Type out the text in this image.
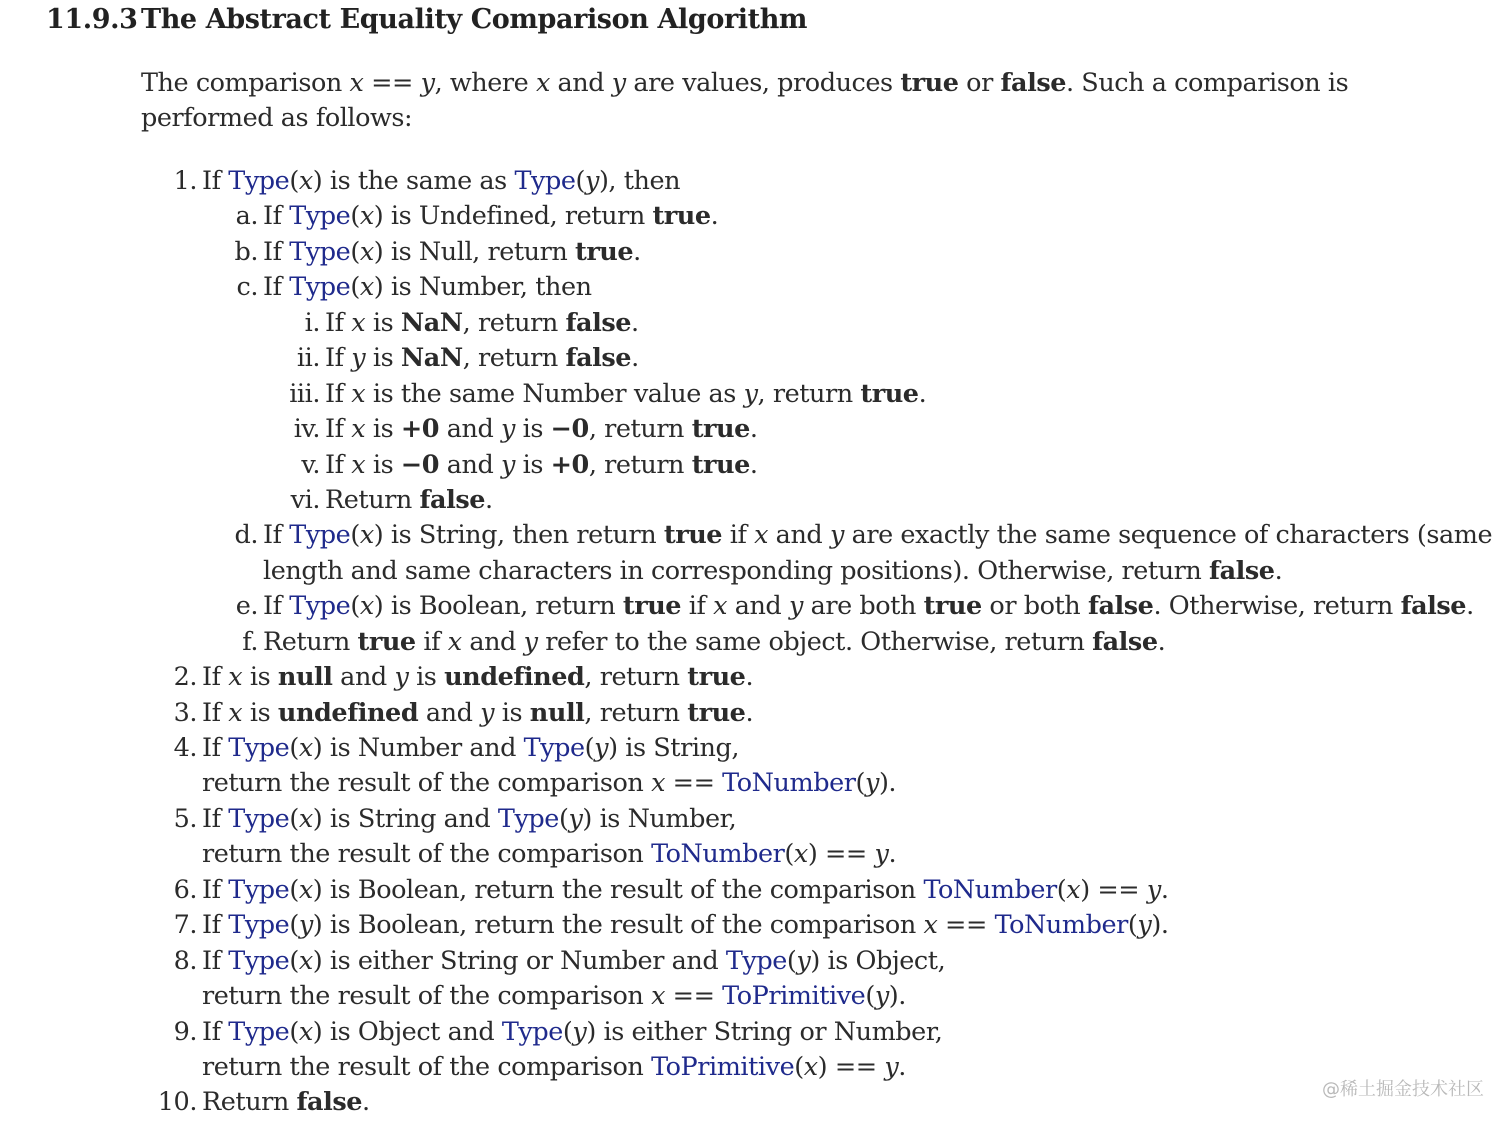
11.9.3 The Abstract Equality Comparison Algorithm
The comparison x == y, where x and y are values, produces true or false. Such a comparison is performed as follows:
1. If Type(x) is the same as Type(y), then
a. If Type(x) is Undefined, return true.
b. If Type(x) is Null, return true.
c. If Type(x) is Number, then
i. If x is NaN, return false.
ii. If y is NaN, return false.
iii. If x is the same Number value as y, return true.
iv. If x is +0 and y is −0, return true.
v. If x is −0 and y is +0, return true.
vi. Return false.
d. If Type(x) is String, then return true if x and y are exactly the same sequence of characters (same
length and same characters in corresponding positions). Otherwise, return false.
e. If Type(x) is Boolean, return true if x and y are both true or both false. Otherwise, return false.
f. Return true if x and y refer to the same object. Otherwise, return false.
2. If x is null and y is undefined, return true.
3. If x is undefined and y is null, return true.
4. If Type(x) is Number and Type(y) is String,
return the result of the comparison x == ToNumber(y).
5. If Type(x) is String and Type(y) is Number,
return the result of the comparison ToNumber(x) == y.
6. If Type(x) is Boolean, return the result of the comparison ToNumber(x) == y.
7. If Type(y) is Boolean, return the result of the comparison x == ToNumber(y).
8. If Type(x) is either String or Number and Type(y) is Object,
return the result of the comparison x == ToPrimitive(y).
9. If Type(x) is Object and Type(y) is either String or Number,
return the result of the comparison ToPrimitive(x) == y.
10. Return false.	@稀土掘金技术社区
